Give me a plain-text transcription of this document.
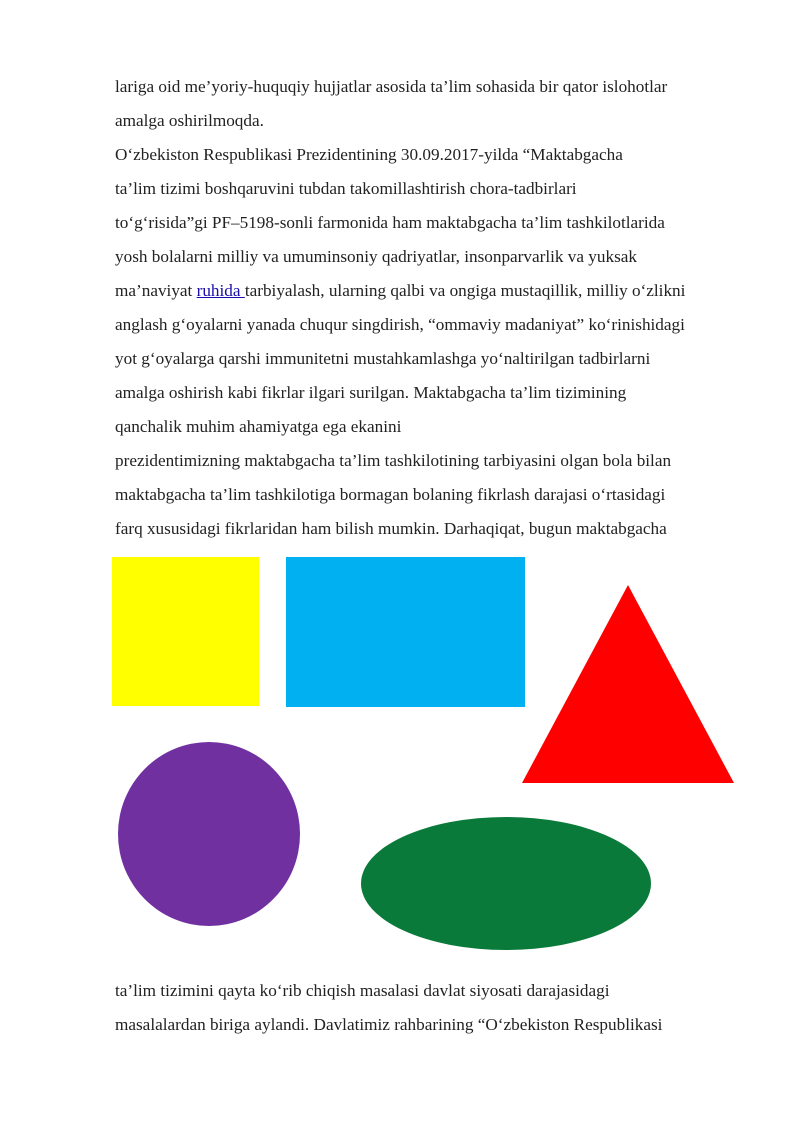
lariga oid me’yoriy-huquqiy hujjatlar asosida ta’lim sohasida bir qator islohotlar
amalga oshirilmoqda.
O‘zbekiston Respublikasi Prezidentining 30.09.2017-yilda “Maktabgacha
ta’lim tizimi boshqaruvini tubdan takomillashtirish chora-tadbirlari
to‘g‘risida”gi PF–5198-sonli farmonida ham maktabgacha ta’lim tashkilotlarida
yosh bolalarni milliy va umuminsoniy qadriyatlar, insonparvarlik va yuksak
ma’naviyat ruhida tarbiyalash, ularning qalbi va ongiga mustaqillik, milliy o‘zlikni
anglash g‘oyalarni yanada chuqur singdirish, “ommaviy madaniyat” ko‘rinishidagi
yot g‘oyalarga qarshi immunitetni mustahkamlashga yo‘naltirilgan tadbirlarni
amalga oshirish kabi fikrlar ilgari surilgan. Maktabgacha ta’lim tizimining
qanchalik muhim ahamiyatga ega ekanini
prezidentimizning maktabgacha ta’lim tashkilotining tarbiyasini olgan bola bilan
maktabgacha ta’lim tashkilotiga bormagan bolaning fikrlash darajasi o‘rtasidagi
farq xususidagi fikrlaridan ham bilish mumkin. Darhaqiqat, bugun maktabgacha
ta’lim tizimini qayta ko‘rib chiqish masalasi davlat siyosati darajasidagi
masalalardan biriga aylandi. Davlatimiz rahbarining “O‘zbekiston Respublikasi
